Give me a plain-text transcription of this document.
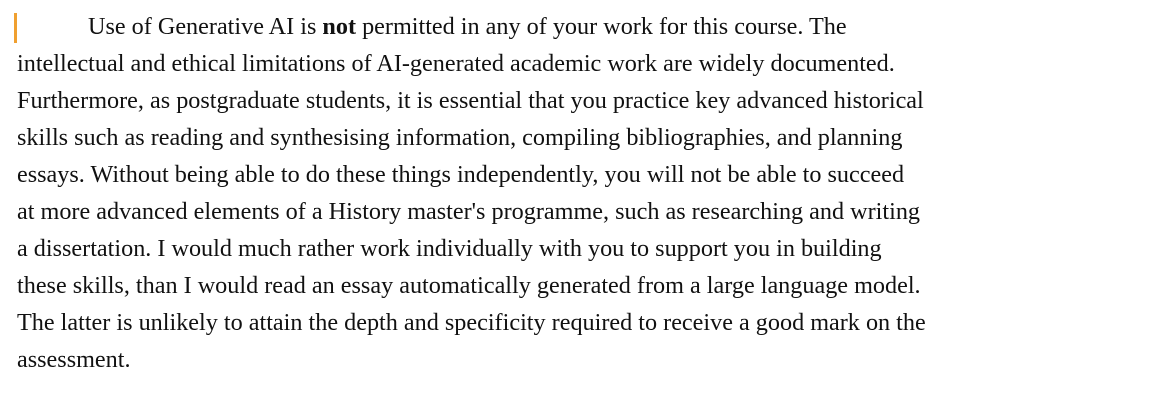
Use of Generative AI is not permitted in any of your work for this course. The
intellectual and ethical limitations of AI-generated academic work are widely documented.
Furthermore, as postgraduate students, it is essential that you practice key advanced historical
skills such as reading and synthesising information, compiling bibliographies, and planning
essays. Without being able to do these things independently, you will not be able to succeed
at more advanced elements of a History master's programme, such as researching and writing
a dissertation. I would much rather work individually with you to support you in building
these skills, than I would read an essay automatically generated from a large language model.
The latter is unlikely to attain the depth and specificity required to receive a good mark on the
assessment.
